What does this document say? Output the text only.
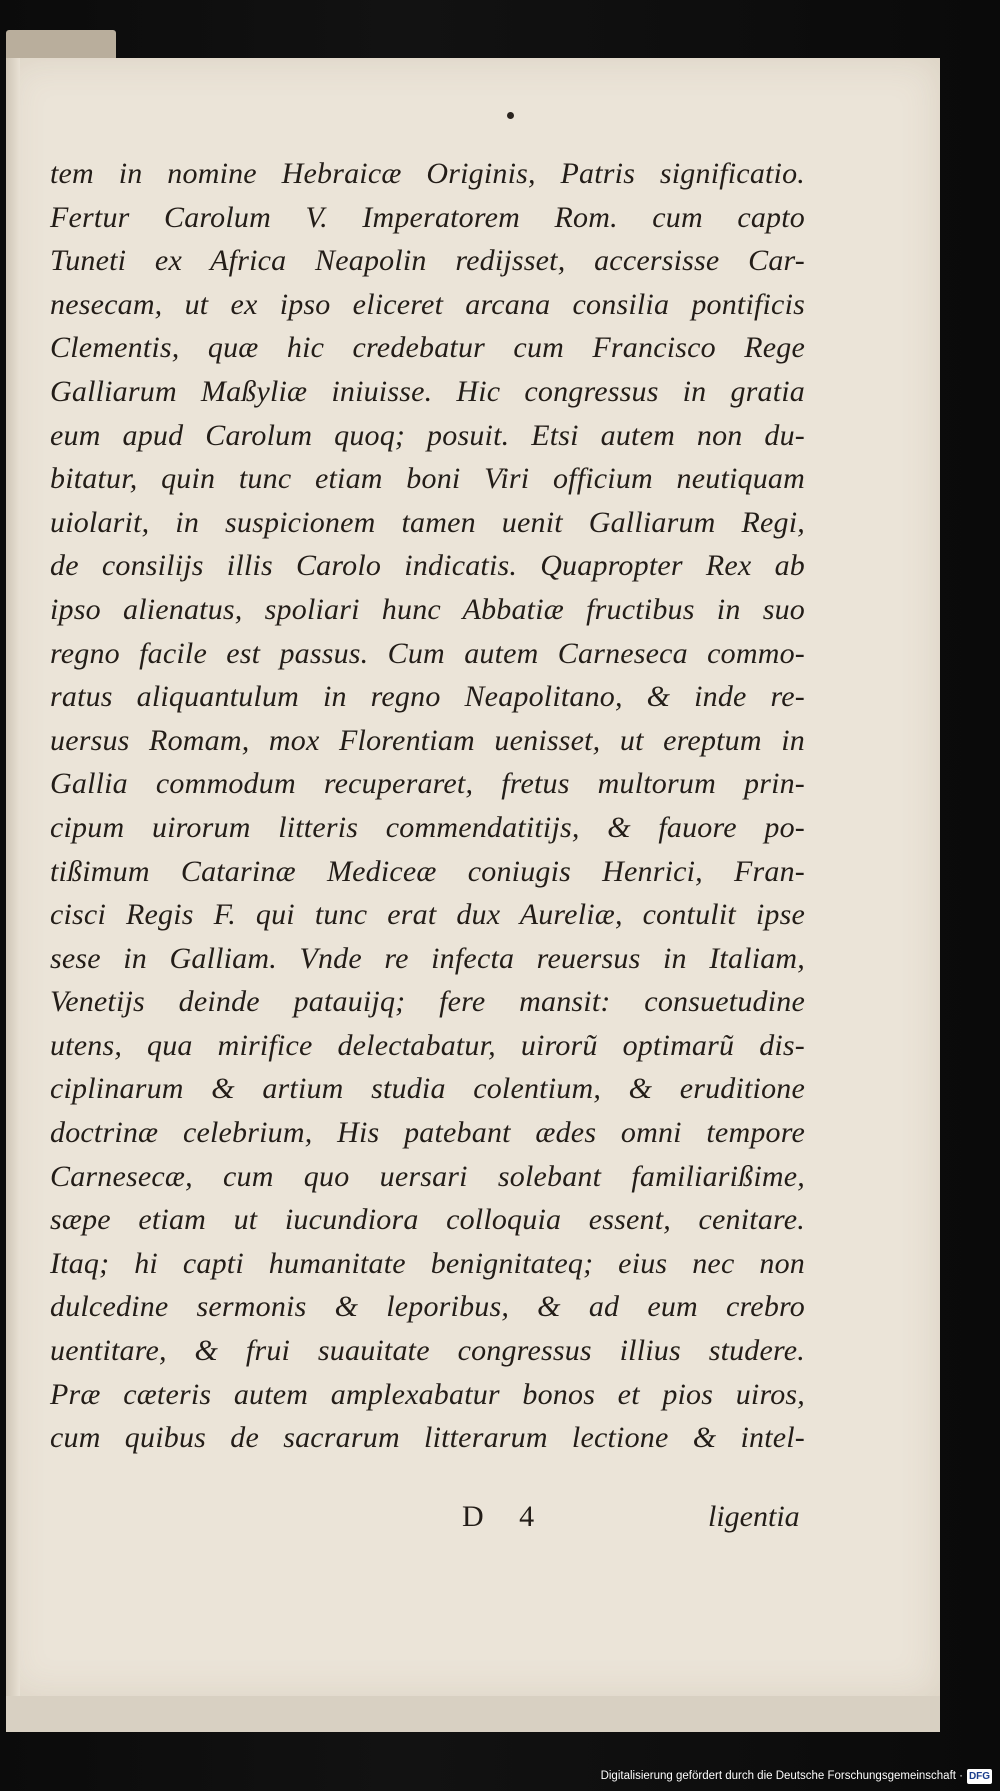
tem in nomine Hebraicæ Originis, Patris significatio.
Fertur Carolum V. Imperatorem Rom. cum capto
Tuneti ex Africa Neapolin redijsset, accersisse Car-
nesecam, ut ex ipso eliceret arcana consilia pontificis
Clementis, quæ hic credebatur cum Francisco Rege
Galliarum Maßyliæ iniuisse. Hic congressus in gratia
eum apud Carolum quoq; posuit. Etsi autem non du-
bitatur, quin tunc etiam boni Viri officium neutiquam
uiolarit, in suspicionem tamen uenit Galliarum Regi,
de consilijs illis Carolo indicatis. Quapropter Rex ab
ipso alienatus, spoliari hunc Abbatiæ fructibus in suo
regno facile est passus. Cum autem Carneseca commo-
ratus aliquantulum in regno Neapolitano, & inde re-
uersus Romam, mox Florentiam uenisset, ut ereptum in
Gallia commodum recuperaret, fretus multorum prin-
cipum uirorum litteris commendatitijs, & fauore po-
tißimum Catarinæ Mediceæ coniugis Henrici, Fran-
cisci Regis F. qui tunc erat dux Aureliæ, contulit ipse
sese in Galliam. Vnde re infecta reuersus in Italiam,
Venetijs deinde patauijq; fere mansit: consuetudine
utens, qua mirifice delectabatur, uirorũ optimarũ dis-
ciplinarum & artium studia colentium, & eruditione
doctrinæ celebrium, His patebant ædes omni tempore
Carnesecæ, cum quo uersari solebant familiarißime,
sæpe etiam ut iucundiora colloquia essent, cenitare.
Itaq; hi capti humanitate benignitateq; eius nec non
dulcedine sermonis & leporibus, & ad eum crebro
uentitare, & frui suauitate congressus illius studere.
Præ cæteris autem amplexabatur bonos et pios uiros,
cum quibus de sacrarum litterarum lectione & intel-
D 4	ligentia
Digitalisierung gefördert durch die Deutsche Forschungsgemeinschaft · DFG
